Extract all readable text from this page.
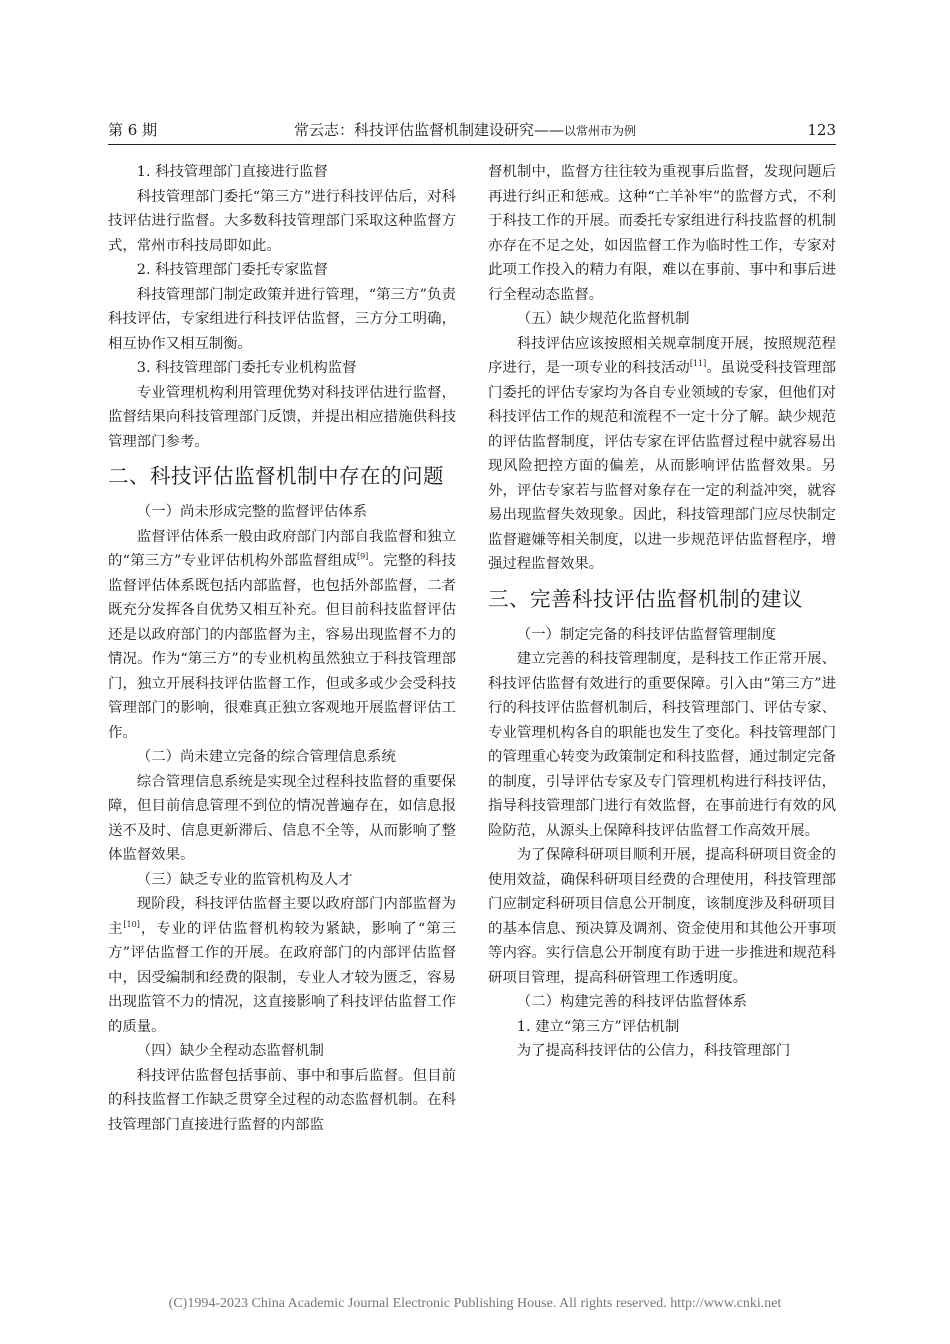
第 6 期	常云志：科技评估监督机制建设研究——以常州市为例	123

1. 科技管理部门直接进行监督

科技管理部门委托“第三方”进行科技评估后，对科技评估进行监督。大多数科技管理部门采取这种监督方式，常州市科技局即如此。

2. 科技管理部门委托专家监督

科技管理部门制定政策并进行管理，“第三方”负责科技评估，专家组进行科技评估监督，三方分工明确，相互协作又相互制衡。

3. 科技管理部门委托专业机构监督

专业管理机构利用管理优势对科技评估进行监督，监督结果向科技管理部门反馈，并提出相应措施供科技管理部门参考。

二、科技评估监督机制中存在的问题

（一）尚未形成完整的监督评估体系

监督评估体系一般由政府部门内部自我监督和独立的“第三方”专业评估机构外部监督组成[9]。完整的科技监督评估体系既包括内部监督，也包括外部监督，二者既充分发挥各自优势又相互补充。但目前科技监督评估还是以政府部门的内部监督为主，容易出现监督不力的情况。作为“第三方”的专业机构虽然独立于科技管理部门，独立开展科技评估监督工作，但或多或少会受科技管理部门的影响，很难真正独立客观地开展监督评估工作。

（二）尚未建立完备的综合管理信息系统

综合管理信息系统是实现全过程科技监督的重要保障，但目前信息管理不到位的情况普遍存在，如信息报送不及时、信息更新滞后、信息不全等，从而影响了整体监督效果。

（三）缺乏专业的监管机构及人才

现阶段，科技评估监督主要以政府部门内部监督为主[10]，专业的评估监督机构较为紧缺，影响了“第三方”评估监督工作的开展。在政府部门的内部评估监督中，因受编制和经费的限制，专业人才较为匮乏，容易出现监管不力的情况，这直接影响了科技评估监督工作的质量。

（四）缺少全程动态监督机制

科技评估监督包括事前、事中和事后监督。但目前的科技监督工作缺乏贯穿全过程的动态监督机制。在科技管理部门直接进行监督的内部监

督机制中，监督方往往较为重视事后监督，发现问题后再进行纠正和惩戒。这种“亡羊补牢”的监督方式，不利于科技工作的开展。而委托专家组进行科技监督的机制亦存在不足之处，如因监督工作为临时性工作，专家对此项工作投入的精力有限，难以在事前、事中和事后进行全程动态监督。

（五）缺少规范化监督机制

科技评估应该按照相关规章制度开展，按照规范程序进行，是一项专业的科技活动[11]。虽说受科技管理部门委托的评估专家均为各自专业领域的专家，但他们对科技评估工作的规范和流程不一定十分了解。缺少规范的评估监督制度，评估专家在评估监督过程中就容易出现风险把控方面的偏差，从而影响评估监督效果。另外，评估专家若与监督对象存在一定的利益冲突，就容易出现监督失效现象。因此，科技管理部门应尽快制定监督避嫌等相关制度，以进一步规范评估监督程序，增强过程监督效果。

三、完善科技评估监督机制的建议

（一）制定完备的科技评估监督管理制度

建立完善的科技管理制度，是科技工作正常开展、科技评估监督有效进行的重要保障。引入由“第三方”进行的科技评估监督机制后，科技管理部门、评估专家、专业管理机构各自的职能也发生了变化。科技管理部门的管理重心转变为政策制定和科技监督，通过制定完备的制度，引导评估专家及专门管理机构进行科技评估，指导科技管理部门进行有效监督，在事前进行有效的风险防范，从源头上保障科技评估监督工作高效开展。

为了保障科研项目顺利开展，提高科研项目资金的使用效益，确保科研项目经费的合理使用，科技管理部门应制定科研项目信息公开制度，该制度涉及科研项目的基本信息、预决算及调剂、资金使用和其他公开事项等内容。实行信息公开制度有助于进一步推进和规范科研项目管理，提高科研管理工作透明度。

（二）构建完善的科技评估监督体系

1. 建立“第三方”评估机制

为了提高科技评估的公信力，科技管理部门

(C)1994-2023 China Academic Journal Electronic Publishing House. All rights reserved. http://www.cnki.net
